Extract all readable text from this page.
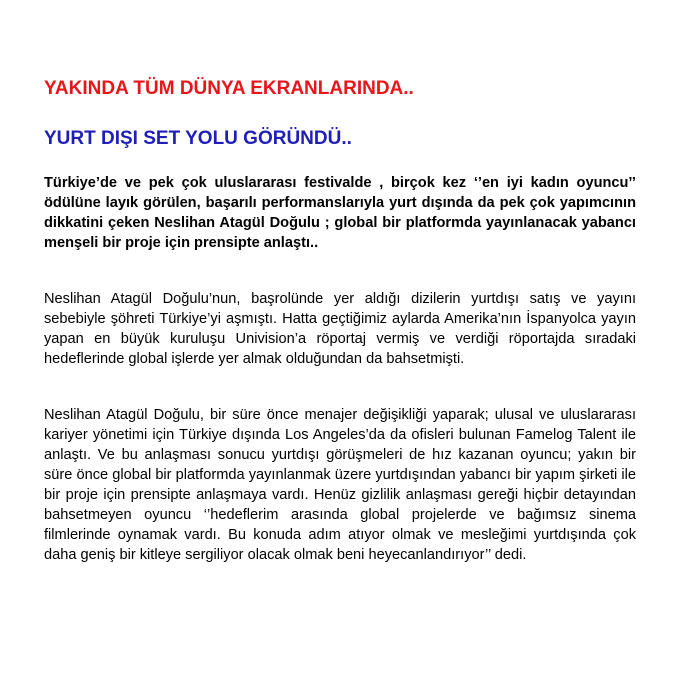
YAKINDA TÜM DÜNYA EKRANLARINDA..
YURT DIŞI SET YOLU GÖRÜNDÜ..

Türkiye’de ve pek çok uluslararası festivalde , birçok kez ‘’en iyi kadın oyuncu’’ ödülüne layık görülen, başarılı performanslarıyla yurt dışında da pek çok yapımcının dikkatini çeken Neslihan Atagül Doğulu ; global bir platformda yayınlanacak yabancı menşeli bir proje için prensipte anlaştı..

Neslihan Atagül Doğulu’nun, başrolünde yer aldığı dizilerin yurtdışı satış ve yayını sebebiyle şöhreti Türkiye’yi aşmıştı. Hatta geçtiğimiz aylarda Amerika’nın İspanyolca yayın yapan en büyük kuruluşu Univision’a röportaj vermiş ve verdiği röportajda sıradaki hedeflerinde global işlerde yer almak olduğundan da bahsetmişti.

Neslihan Atagül Doğulu, bir süre önce menajer değişikliği yaparak; ulusal ve uluslararası kariyer yönetimi için Türkiye dışında Los Angeles’da da ofisleri bulunan Famelog Talent ile anlaştı. Ve bu anlaşması sonucu yurtdışı görüşmeleri de hız kazanan oyuncu; yakın bir süre önce global bir platformda yayınlanmak üzere yurtdışından yabancı bir yapım şirketi ile bir proje için prensipte anlaşmaya vardı. Henüz gizlilik anlaşması gereği hiçbir detayından bahsetmeyen oyuncu ‘’hedeflerim arasında global projelerde ve bağımsız sinema filmlerinde oynamak vardı. Bu konuda adım atıyor olmak ve mesleğimi yurtdışında çok daha geniş bir kitleye sergiliyor olacak olmak beni heyecanlandırıyor’’ dedi.
